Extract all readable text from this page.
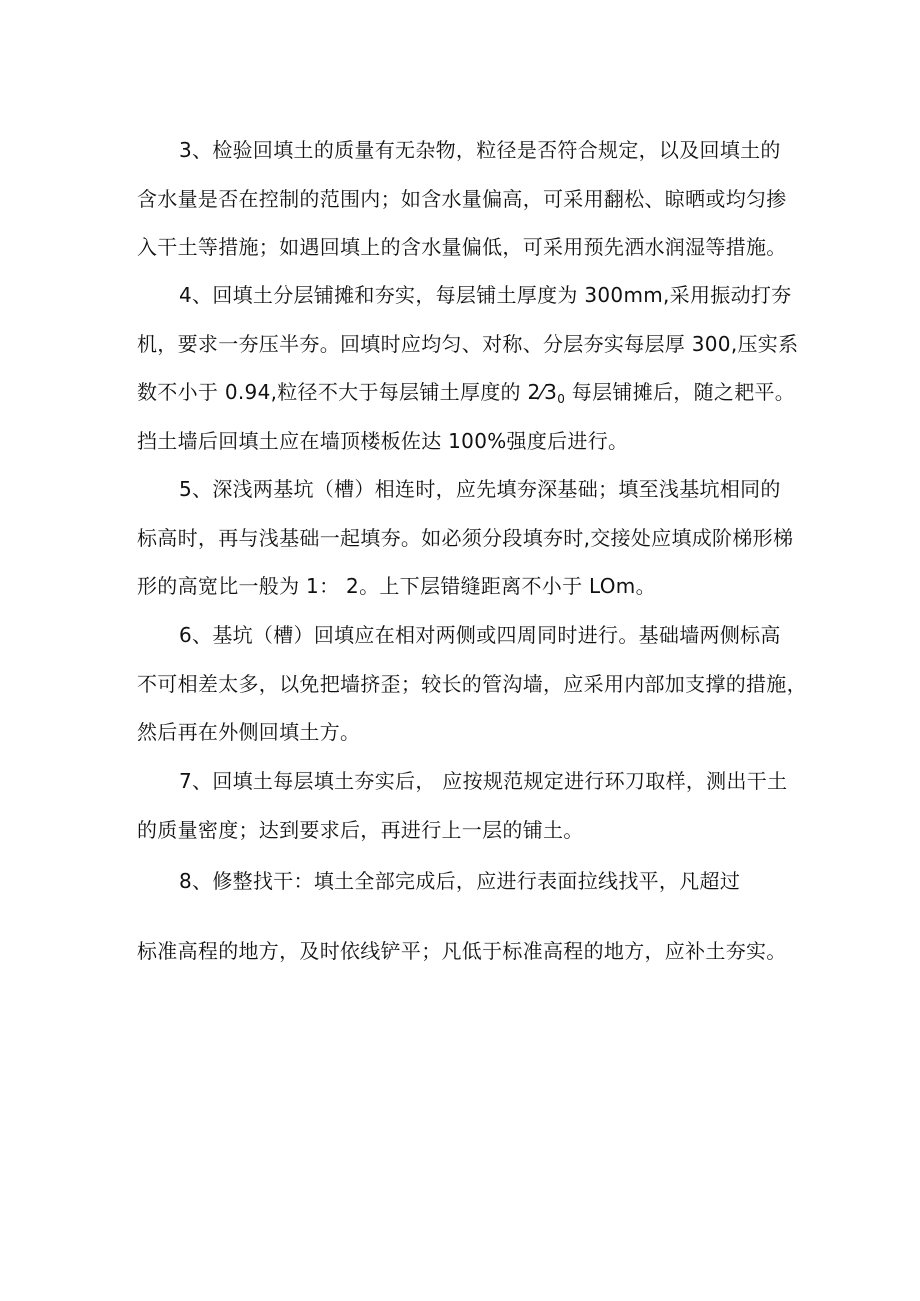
3、检验回填土的质量有无杂物，粒径是否符合规定，以及回填土的
含水量是否在控制的范围内；如含水量偏高，可采用翻松、晾晒或均匀掺
入干土等措施；如遇回填上的含水量偏低，可采用预先洒水润湿等措施。

4、回填土分层铺摊和夯实，每层铺土厚度为 300mm,采用振动打夯
机，要求一夯压半夯。回填时应均匀、对称、分层夯实每层厚 300,压实系
数不小于 0.94,粒径不大于每层铺土厚度的 $2⁄3_0$ 每层铺摊后，随之耙平。
挡土墙后回填土应在墙顶楼板佐达 100%强度后进行。

5、深浅两基坑（槽）相连时，应先填夯深基础；填至浅基坑相同的
标高时，再与浅基础一起填夯。如必须分段填夯时,交接处应填成阶梯形梯
形的高宽比一般为 1： 2。上下层错缝距离不小于 LOm。

6、基坑（槽）回填应在相对两侧或四周同时进行。基础墙两侧标高
不可相差太多，以免把墙挤歪；较长的管沟墙，应采用内部加支撑的措施，
然后再在外侧回填土方。

7、回填土每层填土夯实后， 应按规范规定进行环刀取样，测出干土
的质量密度；达到要求后，再进行上一层的铺土。

8、修整找干：填土全部完成后，应进行表面拉线找平，凡超过

标准高程的地方，及时依线铲平；凡低于标准高程的地方，应补土夯实。
